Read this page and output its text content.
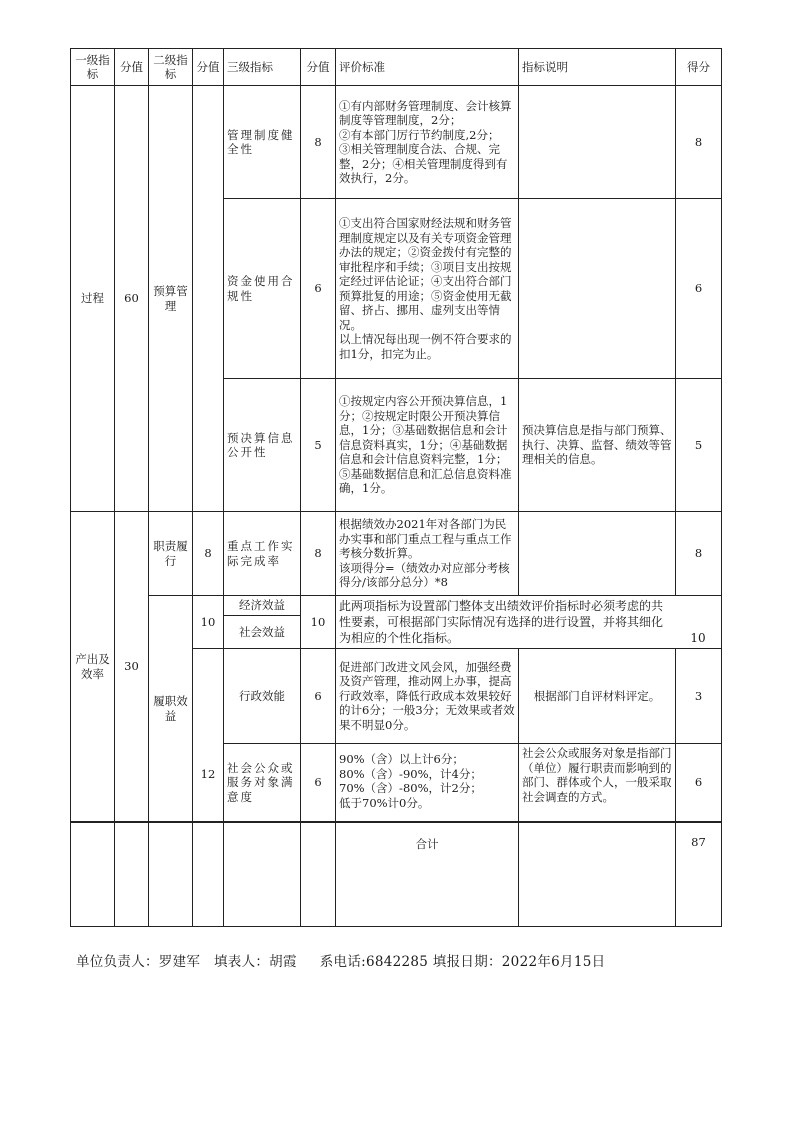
一级指标	分值	二级指标	分值	三级指标	分值	评价标准	指标说明	得分
过程	60	预算管理		管理制度健全性	8	①有内部财务管理制度、会计核算制度等管理制度，2分；
②有本部门厉行节约制度,2分；
③相关管理制度合法、合规、完整，2分；④相关管理制度得到有效执行，2分。		8
				资金使用合规性	6	①支出符合国家财经法规和财务管理制度规定以及有关专项资金管理办法的规定；②资金拨付有完整的审批程序和手续；③项目支出按规定经过评估论证；④支出符合部门预算批复的用途；⑤资金使用无截留、挤占、挪用、虚列支出等情况。
以上情况每出现一例不符合要求的扣1分，扣完为止。		6
				预决算信息公开性	5	①按规定内容公开预决算信息，1分；②按规定时限公开预决算信息，1分；③基础数据信息和会计信息资料真实，1分；④基础数据信息和会计信息资料完整，1分；⑤基础数据信息和汇总信息资料准确，1分。	预决算信息是指与部门预算、执行、决算、监督、绩效等管理相关的信息。	5
产出及效率	30	职责履行	8	重点工作实际完成率	8	根据绩效办2021年对各部门为民办实事和部门重点工程与重点工作考核分数折算。
该项得分=（绩效办对应部分考核得分/该部分总分）*8		8
		履职效益	10	经济效益	10	此两项指标为设置部门整体支出绩效评价指标时必须考虑的共性要素，可根据部门实际情况有选择的进行设置，并将其细化为相应的个性化指标。 10		

				社会效益				
			12	行政效能	6	促进部门改进文风会风，加强经费及资产管理，推动网上办事，提高行政效率，降低行政成本效果较好的计6分；一般3分；无效果或者效果不明显0分。	根据部门自评材料评定。	3
				社会公众或服务对象满意度	6	90%（含）以上计6分；
80%（含）-90%，计4分；
70%（含）-80%，计2分；
低于70%计0分。	社会公众或服务对象是指部门（单位）履行职责而影响到的部门、群体或个人，一般采取社会调查的方式。	6

						合计		87
单位负责人：罗建军   填表人：胡霞     系电话:6842285 填报日期：2022年6月15日
